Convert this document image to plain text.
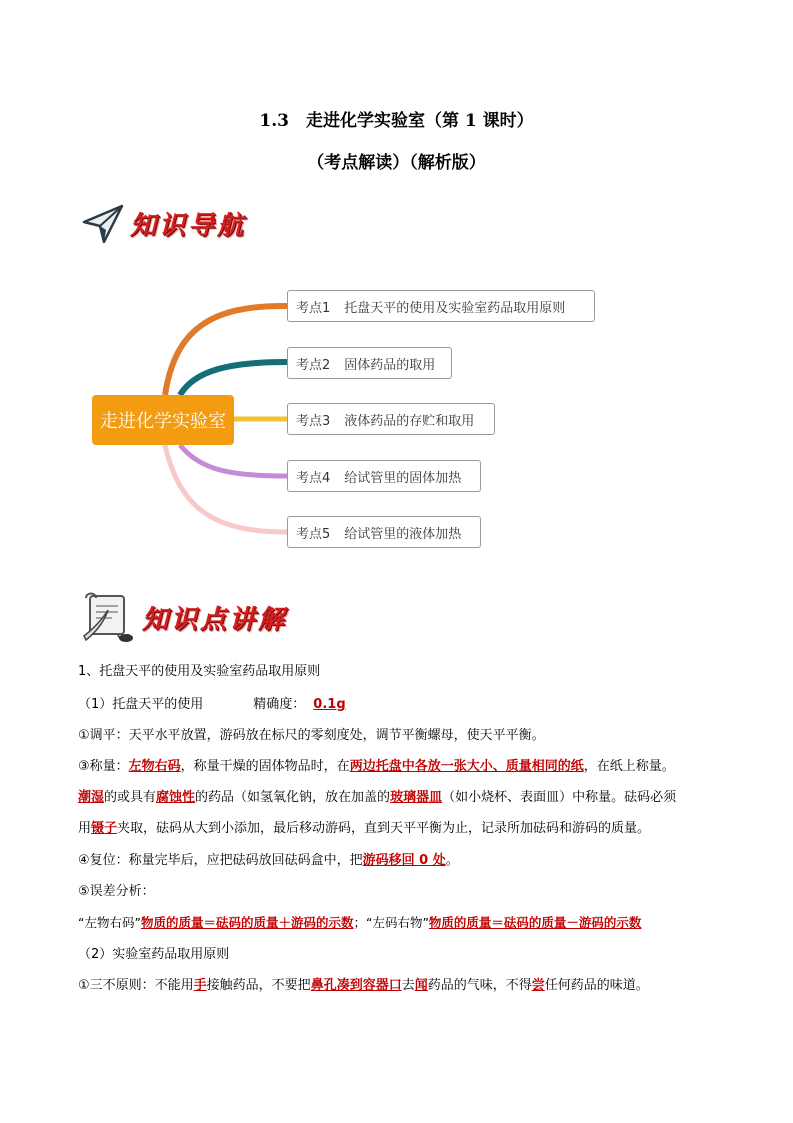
1.3　走进化学实验室（第 1 课时）
（考点解读）（解析版）
知识导航
走进化学实验室
考点1 托盘天平的使用及实验室药品取用原则
考点2 固体药品的取用
考点3 液体药品的存贮和取用
考点4 给试管里的固体加热
考点5 给试管里的液体加热
知识点讲解
1、托盘天平的使用及实验室药品取用原则
（1）托盘天平的使用	精确度： 0.1g
①调平：天平水平放置，游码放在标尺的零刻度处，调节平衡螺母，使天平平衡。
③称量：左物右码，称量干燥的固体物品时，在两边托盘中各放一张大小、质量相同的纸，在纸上称量。
潮湿的或具有腐蚀性的药品（如氢氧化钠，放在加盖的玻璃器皿（如小烧杯、表面皿）中称量。砝码必须
用镊子夹取，砝码从大到小添加，最后移动游码，直到天平平衡为止，记录所加砝码和游码的质量。
④复位：称量完毕后，应把砝码放回砝码盒中，把游码移回 0 处。
⑤误差分析：
“左物右码”物质的质量＝砝码的质量＋游码的示数；“左码右物”物质的质量＝砝码的质量－游码的示数
（2）实验室药品取用原则
①三不原则：不能用手接触药品，不要把鼻孔凑到容器口去闻药品的气味，不得尝任何药品的味道。
